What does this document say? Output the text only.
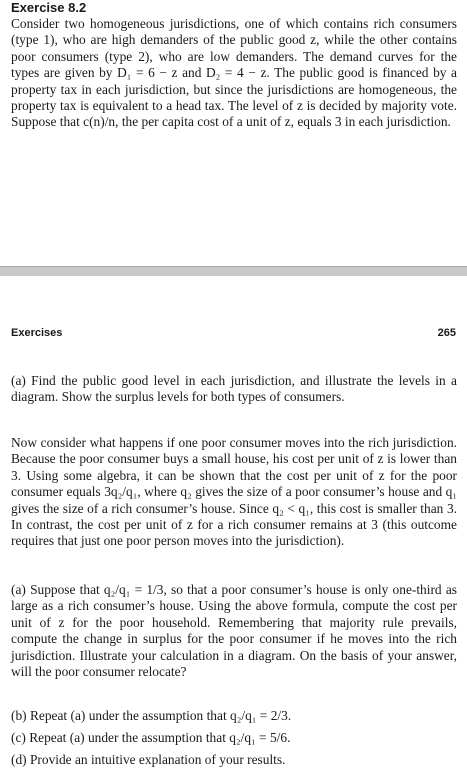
Exercise 8.2

Consider two homogeneous jurisdictions, one of which contains rich consumers (type 1), who are high demanders of the public good z, while the other contains poor consumers (type 2), who are low demanders. The demand curves for the types are given by D₁ = 6 − z and D₂ = 4 − z. The public good is financed by a property tax in each jurisdiction, but since the jurisdictions are homogeneous, the property tax is equivalent to a head tax. The level of z is decided by majority vote. Suppose that c(n)/n, the per capita cost of a unit of z, equals 3 in each jurisdiction.

Exercises	265

(a) Find the public good level in each jurisdiction, and illustrate the levels in a diagram. Show the surplus levels for both types of consumers.

Now consider what happens if one poor consumer moves into the rich jurisdiction. Because the poor consumer buys a small house, his cost per unit of z is lower than 3. Using some algebra, it can be shown that the cost per unit of z for the poor consumer equals 3q₂/q₁, where q₂ gives the size of a poor consumer’s house and q₁ gives the size of a rich consumer’s house. Since q₂ < q₁, this cost is smaller than 3. In contrast, the cost per unit of z for a rich consumer remains at 3 (this outcome requires that just one poor person moves into the jurisdiction).

(a) Suppose that q₂/q₁ = 1/3, so that a poor consumer’s house is only one-third as large as a rich consumer’s house. Using the above formula, compute the cost per unit of z for the poor household. Remembering that majority rule prevails, compute the change in surplus for the poor consumer if he moves into the rich jurisdiction. Illustrate your calculation in a diagram. On the basis of your answer, will the poor consumer relocate?

(b) Repeat (a) under the assumption that q₂/q₁ = 2/3.
(c) Repeat (a) under the assumption that q₂/q₁ = 5/6.
(d) Provide an intuitive explanation of your results.
